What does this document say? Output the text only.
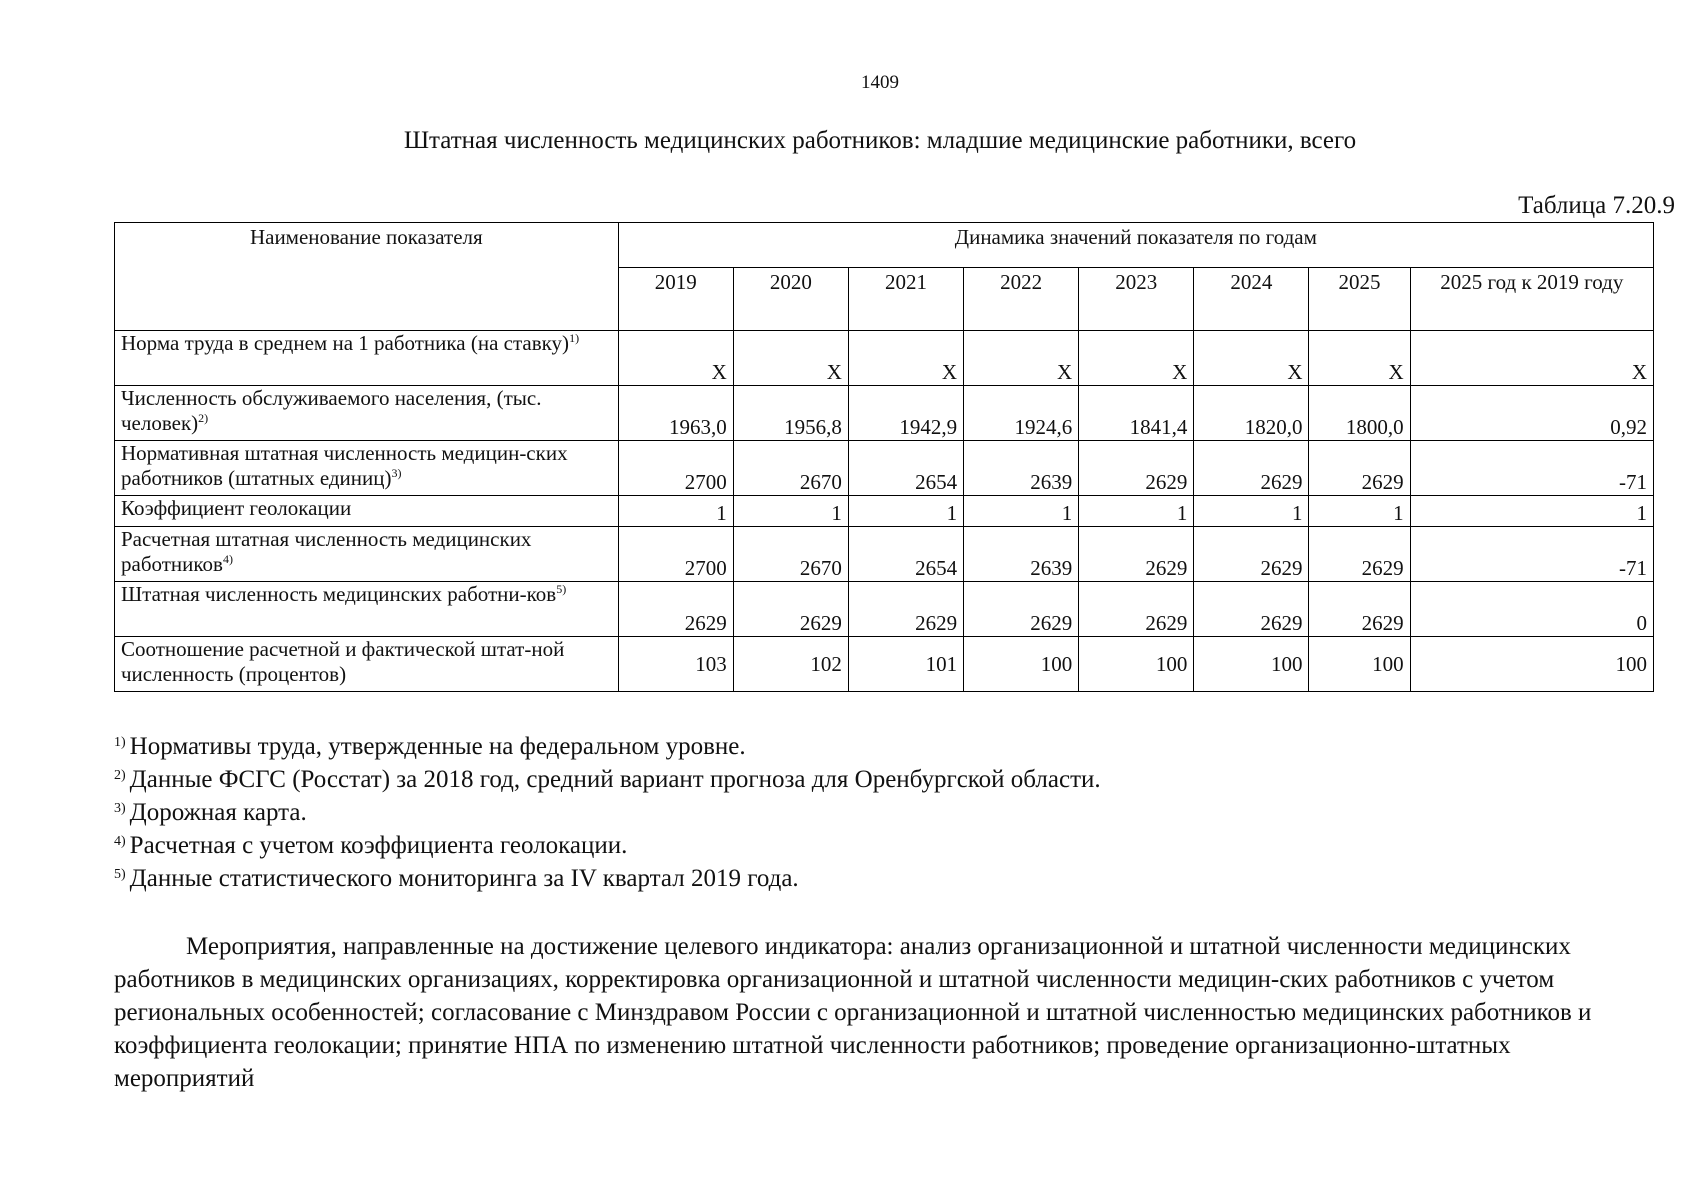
1409
Штатная численность медицинских работников: младшие медицинские работники, всего
Таблица 7.20.9
Наименование показателя	Динамика значений показателя по годам							
	2019	2020	2021	2022	2023	2024	2025	2025 год к 2019 году
Норма труда в среднем на 1 работника (на ставку)$^{1)}$	Х	Х	Х	Х	Х	Х	Х	Х
Численность обслуживаемого населения, (тыс. человек)$^{2)}$	1963,0	1956,8	1942,9	1924,6	1841,4	1820,0	1800,0	0,92
Нормативная штатная численность медицин-ских работников (штатных единиц)$^{3)}$	2700	2670	2654	2639	2629	2629	2629	-71
Коэффициент геолокации	1	1	1	1	1	1	1	1
Расчетная штатная численность медицинских работников$^{4)}$	2700	2670	2654	2639	2629	2629	2629	-71
Штатная численность медицинских работни-ков$^{5)}$	2629	2629	2629	2629	2629	2629	2629	0
Соотношение расчетной и фактической штат-ной численность (процентов)	103	102	101	100	100	100	100	100
$^{1)}$ Нормативы труда, утвержденные на федеральном уровне.
$^{2)}$ Данные ФСГС (Росстат) за 2018 год, средний вариант прогноза для Оренбургской области.
$^{3)}$ Дорожная карта.
$^{4)}$ Расчетная с учетом коэффициента геолокации.
$^{5)}$ Данные статистического мониторинга за IV квартал 2019 года.
Мероприятия, направленные на достижение целевого индикатора: анализ организационной и штатной численности медицинских работников в медицинских организациях, корректировка организационной и штатной численности медицин-ских работников с учетом региональных особенностей; согласование с Минздравом России с организационной и штатной численностью медицинских работников и коэффициента геолокации; принятие НПА по изменению штатной численности работников; проведение организационно-штатных мероприятий
